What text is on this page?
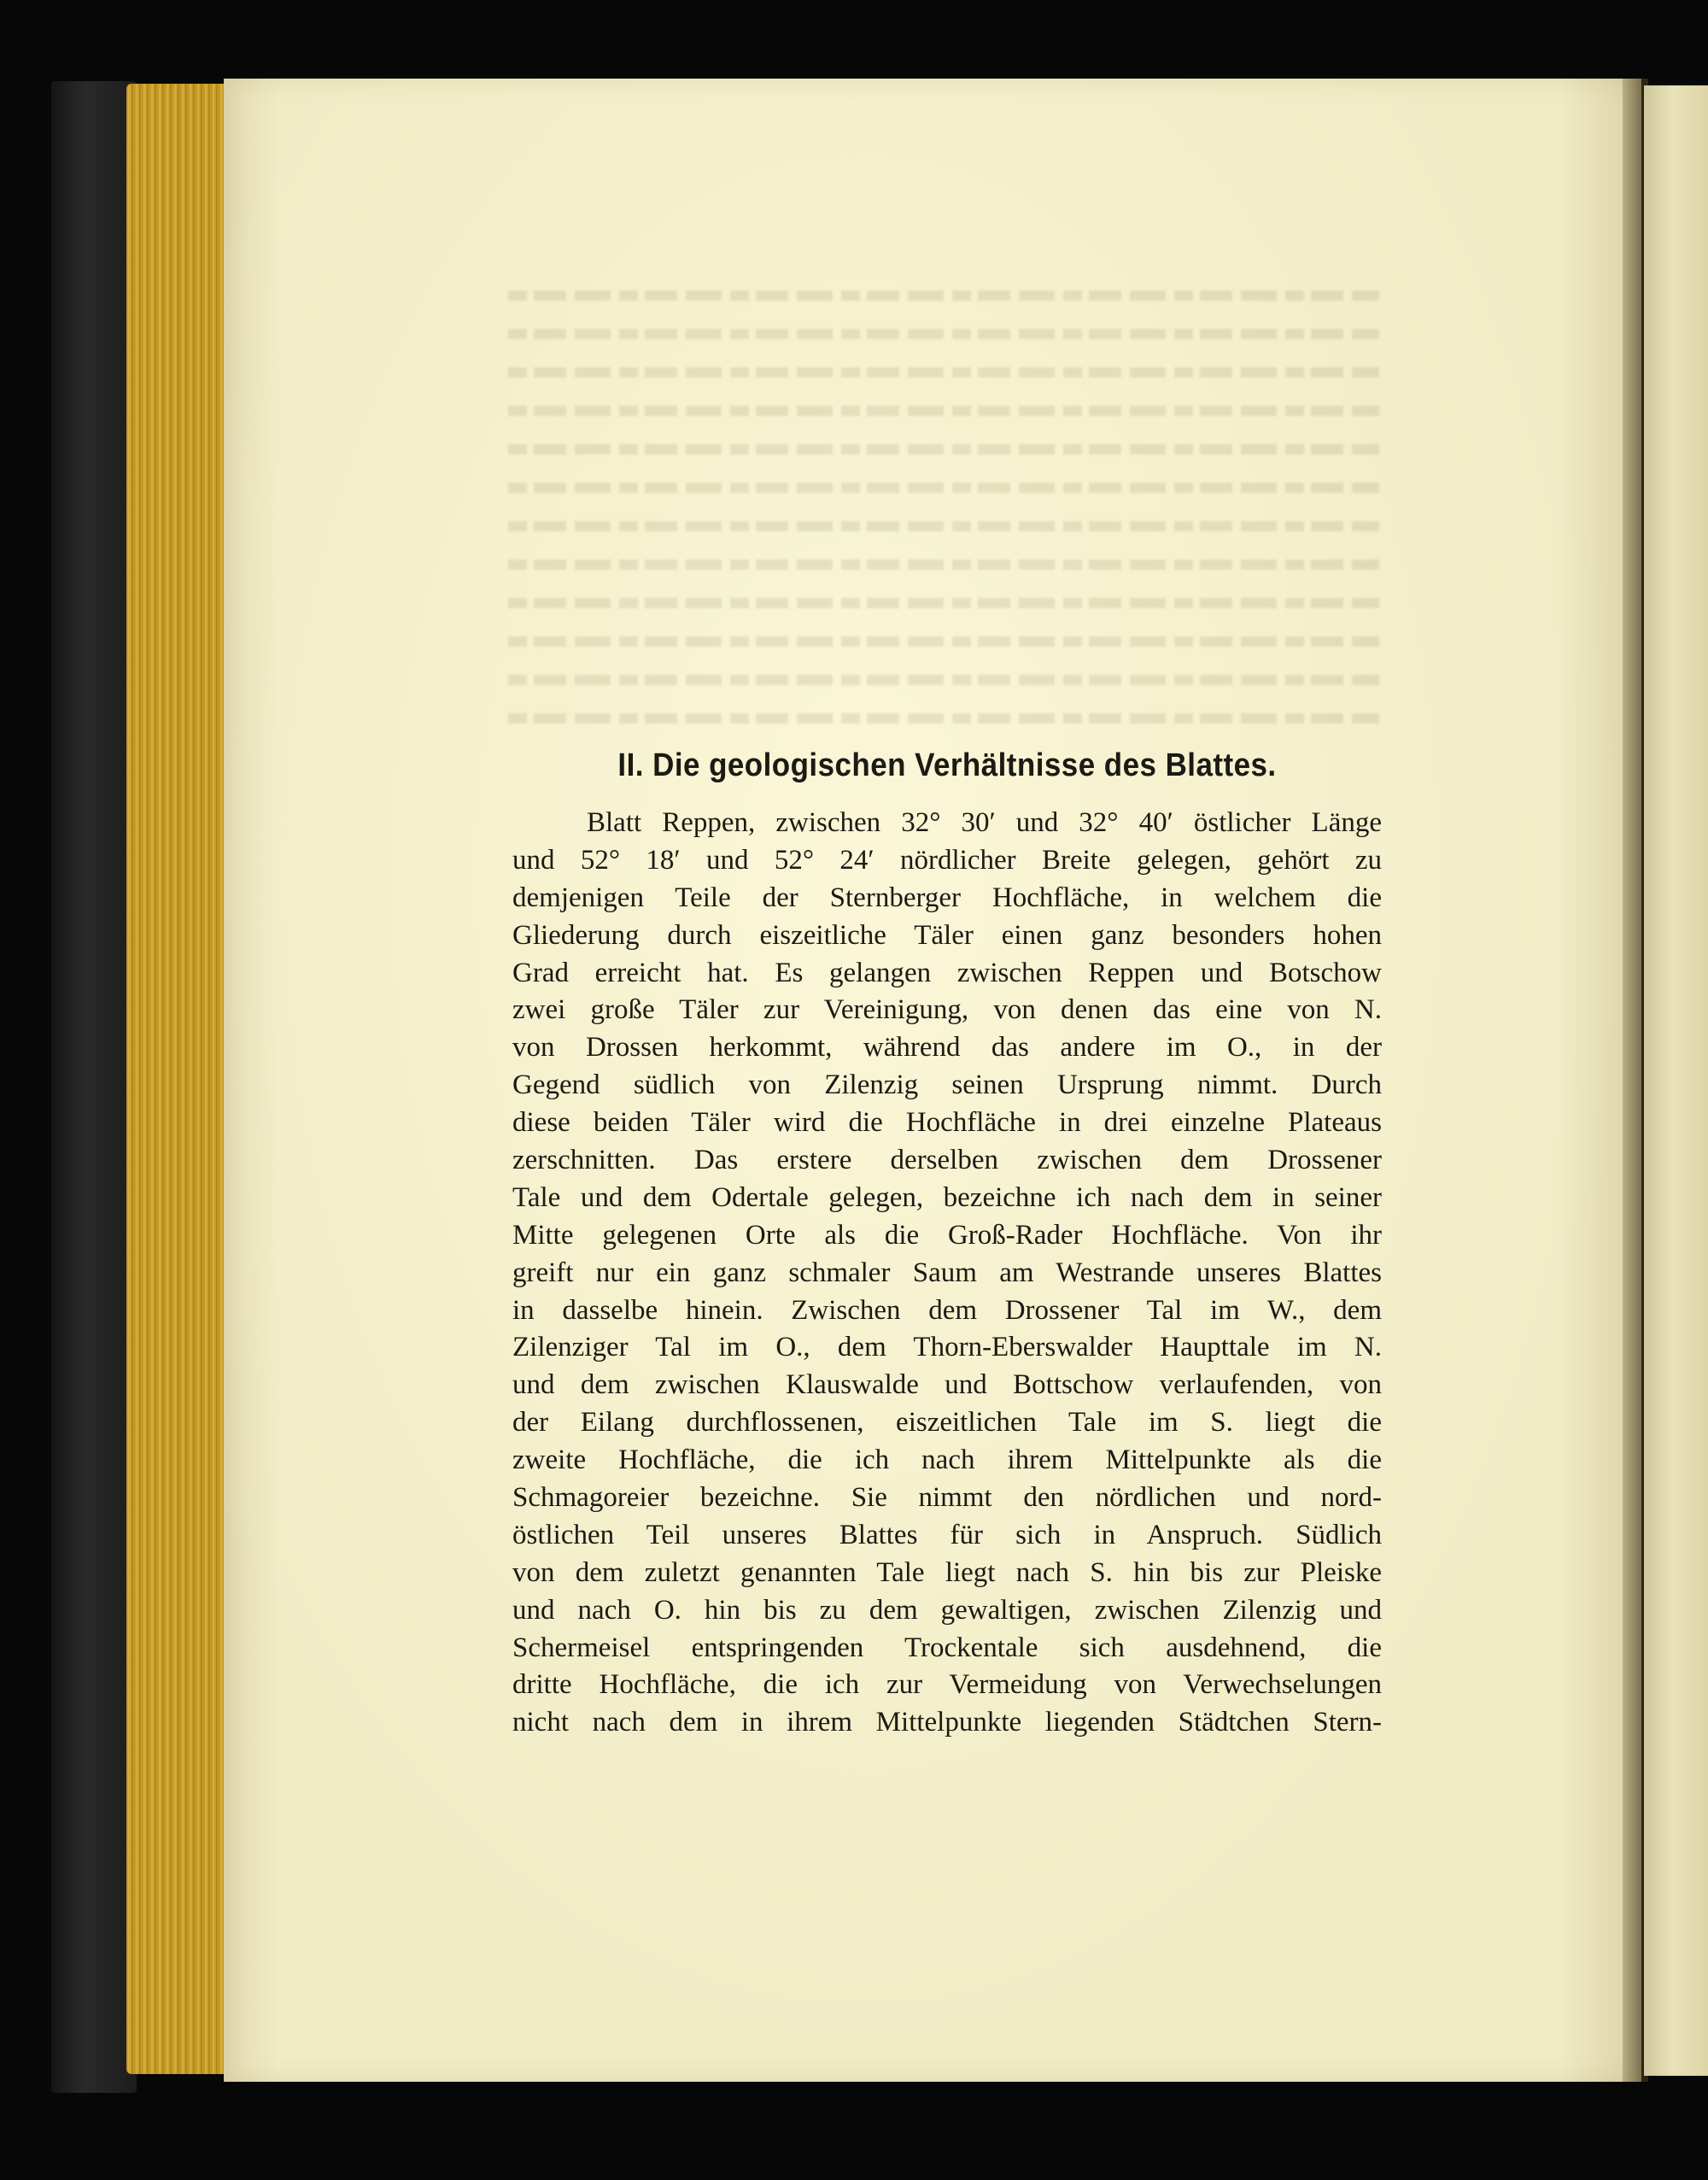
II. Die geologischen Verhältnisse des Blattes.
Blatt Reppen, zwischen 32° 30′ und 32° 40′ östlicher Länge
und 52° 18′ und 52° 24′ nördlicher Breite gelegen, gehört zu
demjenigen Teile der Sternberger Hochfläche, in welchem die
Gliederung durch eiszeitliche Täler einen ganz besonders hohen
Grad erreicht hat. Es gelangen zwischen Reppen und Botschow
zwei große Täler zur Vereinigung, von denen das eine von N.
von Drossen herkommt, während das andere im O., in der
Gegend südlich von Zilenzig seinen Ursprung nimmt. Durch
diese beiden Täler wird die Hochfläche in drei einzelne Plateaus
zerschnitten. Das erstere derselben zwischen dem Drossener
Tale und dem Odertale gelegen, bezeichne ich nach dem in seiner
Mitte gelegenen Orte als die Groß-Rader Hochfläche. Von ihr
greift nur ein ganz schmaler Saum am Westrande unseres Blattes
in dasselbe hinein. Zwischen dem Drossener Tal im W., dem
Zilenziger Tal im O., dem Thorn-Eberswalder Haupttale im N.
und dem zwischen Klauswalde und Bottschow verlaufenden, von
der Eilang durchflossenen, eiszeitlichen Tale im S. liegt die
zweite Hochfläche, die ich nach ihrem Mittelpunkte als die
Schmagoreier bezeichne. Sie nimmt den nördlichen und nord-
östlichen Teil unseres Blattes für sich in Anspruch. Südlich
von dem zuletzt genannten Tale liegt nach S. hin bis zur Pleiske
und nach O. hin bis zu dem gewaltigen, zwischen Zilenzig und
Schermeisel entspringenden Trockentale sich ausdehnend, die
dritte Hochfläche, die ich zur Vermeidung von Verwechselungen
nicht nach dem in ihrem Mittelpunkte liegenden Städtchen Stern-
